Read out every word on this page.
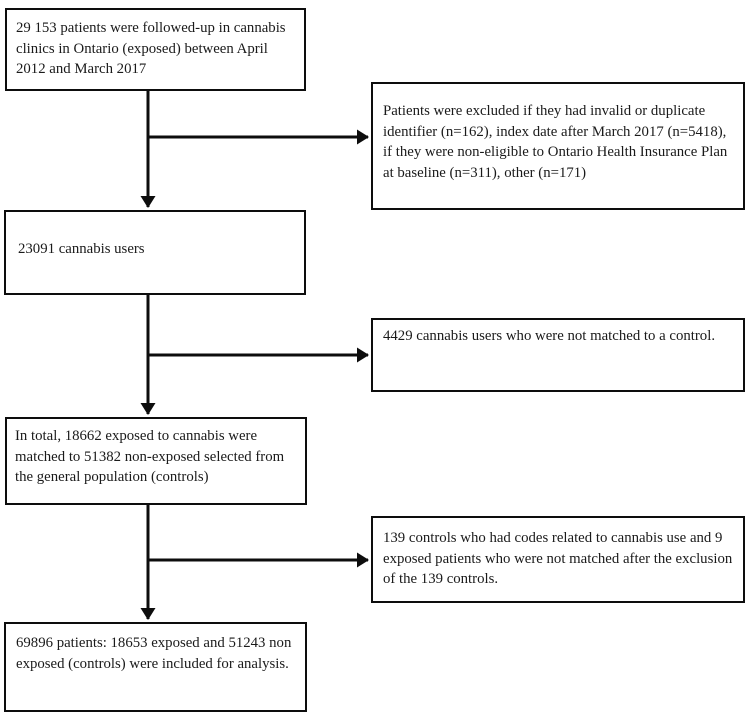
29 153 patients were followed-up in cannabis clinics in Ontario (exposed) between April 2012 and March 2017
Patients were excluded if they had invalid or duplicate identifier (n=162), index date after March 2017 (n=5418), if they were non-eligible to Ontario Health Insurance Plan at baseline (n=311), other (n=171)
23091 cannabis users
4429 cannabis users who were not matched to a control.
In total, 18662 exposed to cannabis were matched to 51382 non-exposed selected from the general population (controls)
139 controls who had codes related to cannabis use and 9 exposed patients who were not matched after the exclusion of the 139 controls.
69896 patients: 18653 exposed and 51243 non exposed (controls) were included for analysis.
